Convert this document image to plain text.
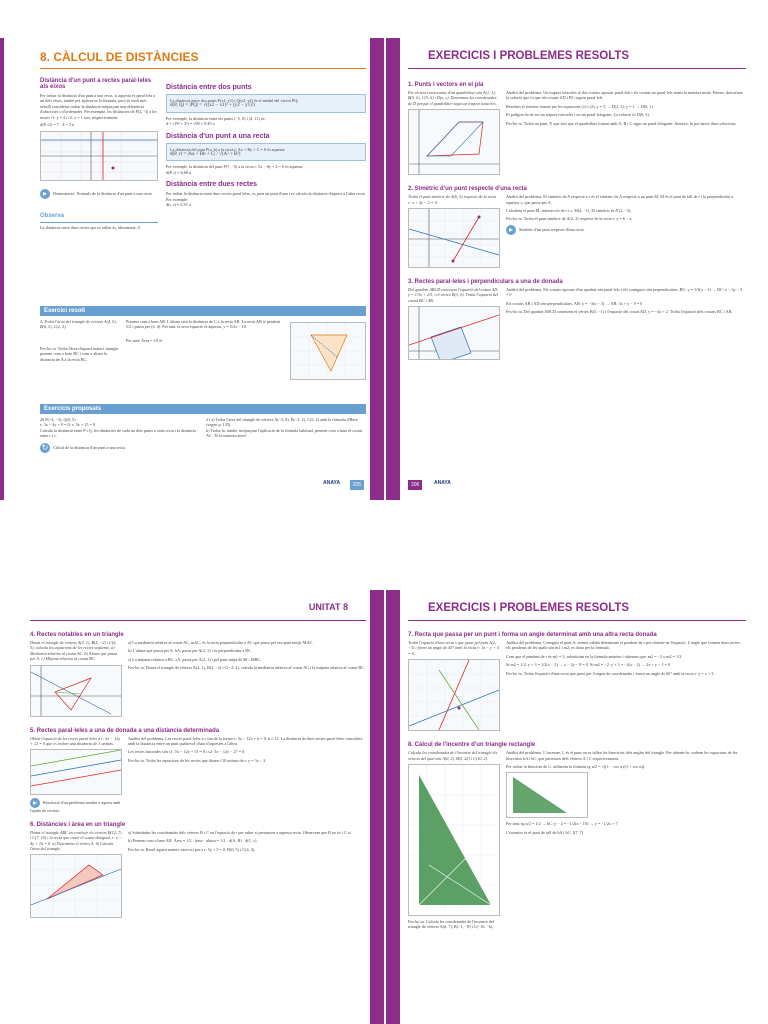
8. CÀLCUL DE DISTÀNCIES
Distància d'un punt a rectes paral·leles als eixos
Per trobar la distància d'un punt a una recta, si aquesta és paral·lela a un dels eixos, també pot aplicar-se la fórmula, però és molt més senzill considerar trobar la distància mitjançant una diferència d'abscisses o d'ordenades. Per exemple, les distàncies de P(2, -3) a les rectes r1: y = 4 i r2: x = 1 són, respectivament:
d(P, r1) = 7 · 4 = 3 u
▸ Demostració. Normals de la distància d'un punt a una recta.
Observa
La distància entre dues rectes que es tallen és, òbviament, 0.
Distància entre dos punts
La distància entre dos punts P(x1, y1) i Q(x2, y2) és el mòdul del vector PQ:
d(P, Q) = |PQ| = √((x2 − x1)² + (y2 − y1)²)
Per exemple, la distància entre els punts (−5, 8) i (4, 11) és:
d = √(9² + 3²) = √90 ≈ 9,49 u
Distància d'un punt a una recta
La distància del punt P(a, b) a la recta r: Ax + By + C = 0 és aquesta:
d(P, r) = |Aa + Bb + C| / √(A² + B²)
Per exemple, la distància del punt P(7, −5) a la recta r: 5x − 8y + 4 = 0 és aquesta:
d(P, r) ≈ 6,68 u
Distància entre dues rectes
Per trobar la distància entre dues rectes paral·leles, es pren un punt d'una i es calcula la distància d'aquest a l'altra recta. Per exemple:
d(r, s) ≈ 0,35 u
Exercici resolt
1. Troba l'àrea del triangle de vèrtexs A(4, 0), B(6, 5), C(2, 5).
Fes-ho tu. Troba l'àrea d'aquest mateix triangle prenent com a base BC i com a altura la distància de A a la recta BC.
Prenem com a base AB. L'altura serà la distància de C a la recta AB. La recta AB té pendent 5/2 i passa per (4, 0). Per tant, la seva equació és aquesta: y = 5/2x − 10
Per tant: Àrea = 10 u²
Exercicis proposats
20 P(−4, −3), Q(0, 5)
r: 3x − 4y + 9 = 0; s: 5x + 15 = 0
Calcula la distància entre P i Q, les distàncies de cada un dels punts a cada recta i la distància entre r i s.
21 a) Troba l'àrea del triangle de vèrtexs A(−3, 8), B(−3, 2), C(5, 2) amb la fórmula d'Heró (vegeu p. 135).
b) Troba-la, també, mitjançant l'aplicació de la fórmula habitual, prenent com a base el costat AC. Té la mateixa àrea?
↻ Càlcul de la distància d'un punt a una recta.
ANAYA	205
EXERCICIS I PROBLEMES RESOLTS
1. Punts i vectors en el pla
Els vèrtexs consecutius d'un quadrilàter són A(1, 1), B(5, 6), C(5, 6) i D(x, y). Determina les coordenades de D perquè el quadrilàter sigui un trapezi isòsceles.
Anàlisi del problema. Un trapezi isòsceles té dos costats oposats paral·lels i els costats no paral·lels tenen la mateixa mida. Primer, descartem la solució que fa que els costats AD i BC siguin paral·lels.
Resolem el sistema format per les equacions (1) i (2): y = 3 → D(2, 3); y = 1 → D(6, 1)
El polígon ha de ser un trapezi isòsceles i no un paral·lelogram. La solució és D(6, 3).
Fes-ho tu. Troba un punt, P, que faci que el quadrilàter format amb A, B i C sigui un paral·lelogram. Atenció: hi pot haver dues solucions.
2. Simètric d'un punt respecte d'una recta
Troba el punt simètric de A(6, 5) respecte de la recta r: x + 2y − 2 = 0.
Anàlisi del problema. El simètric de A respecte a r és el simètric de A respecte a un punt M. M és el punt de tall de r i la perpendicular a aquesta, s, que passa per A.
Calculem el punt M, intersecció de r i s: M(4, −1). El simètric és A′(2, −5).
Fes-ho tu. Troba el punt simètric de A(2, 2) respecte de la recta r: y = 6 − x.
▸ Simètric d'un punt respecte d'una recta.
3. Rectes paral·leles i perpendiculars a una de donada
Del quadrat ABCD coneixem l'equació del costat AD: y = 1/3x + 2/3, i el vèrtex B(3, 0). Troba l'equació del costat BC i AB.
Anàlisi del problema. Els costats oposats d'un quadrat són paral·lels i els contiguos són perpendiculars. BC: y = 1/3(x − 3) → BC: x − 3y − 3 = 0
Els costats AB i AD són perpendiculars. AB: y = −3(x − 3) → AB: 3x + y − 9 = 0
Fes-ho tu. Del quadrat ABCD coneixem el vèrtex B(5, −1) i l'equació del costat AD, y = −4x + 2. Troba l'equació dels costats BC i AB.
206	ANAYA
UNITAT 8
4. Rectes notables en un triangle
Donat el triangle de vèrtexs A(2, 1), B(4, −2) i C(6, 3), calcula les equacions de les rectes següents: a) Mediatriu relativa al costat AC. b) Altura que passa per A. c) Mitjana relativa al costat BC.
a) La mediatriu relativa al costat AC, mAC, és la recta perpendicular a AC que passa pel seu punt mitjà, MAC.
b) L'altura que passa per A, hA, passa per A(2, 1) i és perpendicular a BC.
c) La mitjana relativa a BC, sA, passa per A(2, 1) i pel punt mitjà de BC, MBC.
Fes-ho tu. Donat el triangle de vèrtexs A(4, 1), B(2, −2) i C(−2, 2), calcula la mediatriu relativa al costat AC i la mitjana relativa al costat BC.
5. Rectes paral·leles a una de donada a una distància determinada
Obtén l'equació de les rectes paral·leles a r: 5x − 12y + 12 = 0 que es troben una distància de 3 unitats.
▸ Resolució d'un problema similar a aquest amb l'ajuda de vectors.
Anàlisi del problema. Les rectes paral·leles a r són de la forma s: 5x − 12y + k = 0, k ≠ 12. La distància de dues rectes paral·leles coincideix amb la distància entre un punt qualsevol d'una d'aquestes a l'altra.
Les rectes buscades són s1: 5x − 12y + 51 = 0 i s2: 5x − 12y − 27 = 0.
Fes-ho tu. Troba les equacions de les rectes que disten √10 unitats de r: y = 3x − 2.
6. Distàncies i àrea en un triangle
Donat el triangle ABC en conèixer els vèrtexs B(12, 7) i C(7, 10) i la recta que conté el costat desigual, r: x − 4y + 16 = 0. a) Determina el vèrtex A. b) Calcula l'àrea del triangle.
a) Substituïm les coordenades dels vèrtexs B i C en l'equació de r per saber si pertanyen a aquesta recta. Observem que B no és i C sí.
b) Prenem com a base AB. Àrea = 1/2 · base · altura = 1/2 · d(A, B) · d(C, r).
Fes-ho tu. Resol aquest mateix exercici per a r: 5y + 5 = 0, B(6, 5) i C(4, 4).
EXERCICIS I PROBLEMES RESOLTS
7. Recta que passa per un punt i forma un angle determinat amb una altra recta donada
Troba l'equació d'una recta s que passi pel punt A(2, −3) i formi un angle de 45° amb la recta r: 3x − y + 5 = 0.
Anàlisi del problema. Coneguts el punt A, només caldrà determinar el pendent de s per obtenir-ne l'equació. L'angle que formen dues rectes, els pendents de les quals són m1 i m2, es dona per la fórmula.
Com que el pendent de r és m1 = 3, substituïm en la fórmula anterior i obtenim que: m2 = −2 o m2 = 1/2
Si m2 = 1/2: y + 3 = 1/2(x − 2) → x − 2y − 8 = 0. Si m2 = −2: y + 3 = −2(x − 2) → 2x + y − 1 = 0
Fes-ho tu. Troba l'equació d'una recta que passi per l'origen de coordenades i formi un angle de 60° amb la recta r: y = x + 3.
8. Càlcul de l'incentre d'un triangle rectangle
Calcula les coordenades de l'incentre del triangle els vèrtexs del qual són A(0, 2), B(5, 22) i C(10, 2).
Fes-ho tu. Calcula les coordenades de l'incentre del triangle de vèrtexs A(6, 7), B(−1, −8) i C(−16, −6).
Anàlisi del problema. L'incentre, I, és el punt on es tallen les bisectrius dels angles del triangle. Per obtenir-lo, trobem les equacions de les bisectrius bA i bC, que parteixen dels vèrtexs A i C respectivament.
Per trobar la bisectriu de C, utilitzem la fórmula tg α/2 = √((1 − cos α)/(1 + cos α)).
Per tant: tg α/2 = 1/2 → bC: y − 2 = −1/2(x − 10) → y = −1/2x + 7
L'incentre és el punt de tall de bA i bC: I(7, 7)
